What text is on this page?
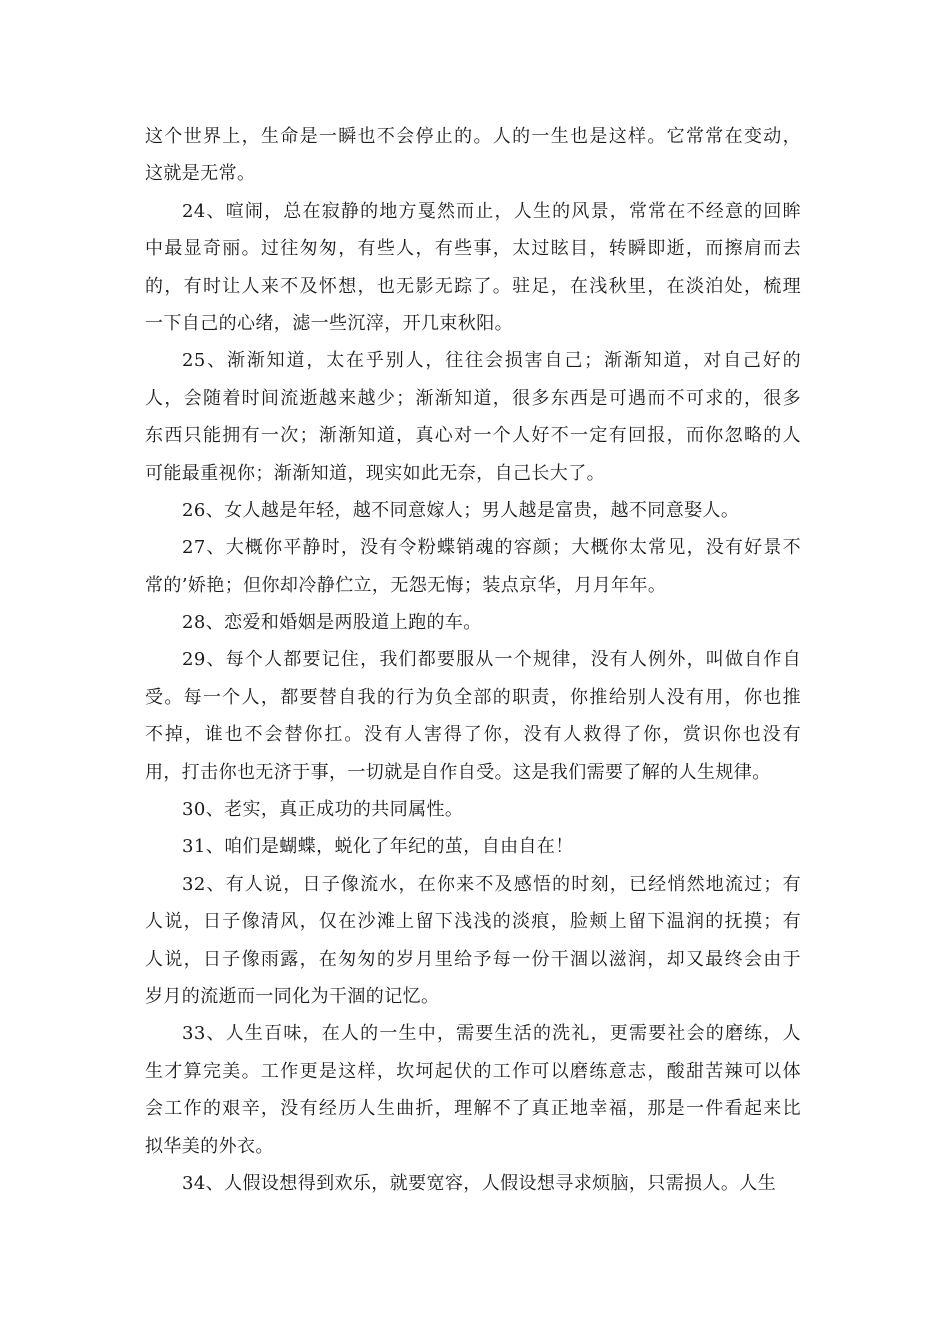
这个世界上，生命是一瞬也不会停止的。人的一生也是这样。它常常在变动，
这就是无常。
24、喧闹，总在寂静的地方戛然而止，人生的风景，常常在不经意的回眸
中最显奇丽。过往匆匆，有些人，有些事，太过眩目，转瞬即逝，而擦肩而去
的，有时让人来不及怀想，也无影无踪了。驻足，在浅秋里，在淡泊处，梳理
一下自己的心绪，滤一些沉滓，开几束秋阳。
25、渐渐知道，太在乎别人，往往会损害自己；渐渐知道，对自己好的
人，会随着时间流逝越来越少；渐渐知道，很多东西是可遇而不可求的，很多
东西只能拥有一次；渐渐知道，真心对一个人好不一定有回报，而你忽略的人
可能最重视你；渐渐知道，现实如此无奈，自己长大了。
26、女人越是年轻，越不同意嫁人；男人越是富贵，越不同意娶人。
27、大概你平静时，没有令粉蝶销魂的容颜；大概你太常见，没有好景不
常的’娇艳；但你却冷静伫立，无怨无悔；装点京华，月月年年。
28、恋爱和婚姻是两股道上跑的车。
29、每个人都要记住，我们都要服从一个规律，没有人例外，叫做自作自
受。每一个人，都要替自我的行为负全部的职责，你推给别人没有用，你也推
不掉，谁也不会替你扛。没有人害得了你，没有人救得了你，赏识你也没有
用，打击你也无济于事，一切就是自作自受。这是我们需要了解的人生规律。
30、老实，真正成功的共同属性。
31、咱们是蝴蝶，蜕化了年纪的茧，自由自在！
32、有人说，日子像流水，在你来不及感悟的时刻，已经悄然地流过；有
人说，日子像清风，仅在沙滩上留下浅浅的淡痕，脸颊上留下温润的抚摸；有
人说，日子像雨露，在匆匆的岁月里给予每一份干涸以滋润，却又最终会由于
岁月的流逝而一同化为干涸的记忆。
33、人生百味，在人的一生中，需要生活的洗礼，更需要社会的磨练，人
生才算完美。工作更是这样，坎坷起伏的工作可以磨练意志，酸甜苦辣可以体
会工作的艰辛，没有经历人生曲折，理解不了真正地幸福，那是一件看起来比
拟华美的外衣。
34、人假设想得到欢乐，就要宽容，人假设想寻求烦脑，只需损人。人生
